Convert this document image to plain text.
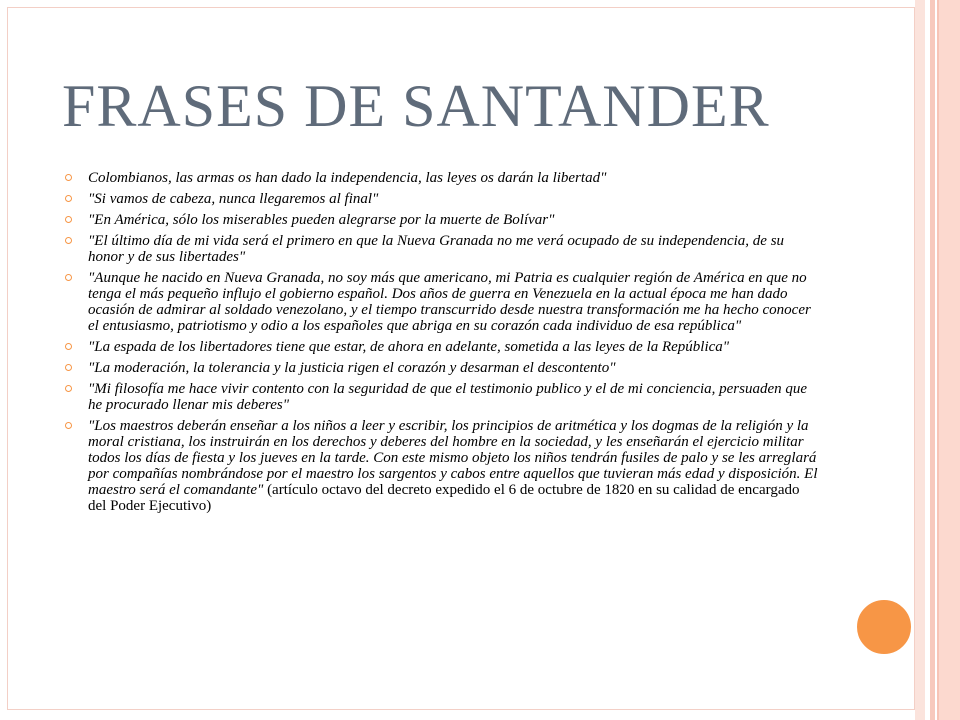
FRASES DE SANTANDER
Colombianos, las armas os han dado la independencia, las leyes os darán la libertad"
"Si vamos de cabeza, nunca llegaremos al final"
"En América, sólo los miserables pueden alegrarse por la muerte de Bolívar"
"El último día de mi vida será el primero en que la Nueva Granada no me verá ocupado de su independencia, de su honor y de sus libertades"
"Aunque he nacido en Nueva Granada, no soy más que americano, mi Patria es cualquier región de América en que no tenga el más pequeño influjo el gobierno español. Dos años de guerra en Venezuela en la actual época me han dado ocasión de admirar al soldado venezolano, y el tiempo transcurrido desde nuestra transformación me ha hecho conocer el entusiasmo, patriotismo y odio a los españoles que abriga en su corazón cada individuo de esa república"
"La espada de los libertadores tiene que estar, de ahora en adelante, sometida a las leyes de la República"
"La moderación, la tolerancia y la justicia rigen el corazón y desarman el descontento"
"Mi filosofía me hace vivir contento con la seguridad de que el testimonio publico y el de mi conciencia, persuaden que he procurado llenar mis deberes"
"Los maestros deberán enseñar a los niños a leer y escribir, los principios de aritmética y los dogmas de la religión y la moral cristiana, los instruirán en los derechos y deberes del hombre en la sociedad, y les enseñarán el ejercicio militar todos los días de fiesta y los jueves en la tarde. Con este mismo objeto los niños tendrán fusiles de palo y se les arreglará por compañías nombrándose por el maestro los sargentos y cabos entre aquellos que tuvieran más edad y disposición. El maestro será el comandante" (artículo octavo del decreto expedido el 6 de octubre de 1820 en su calidad de encargado del Poder Ejecutivo)
